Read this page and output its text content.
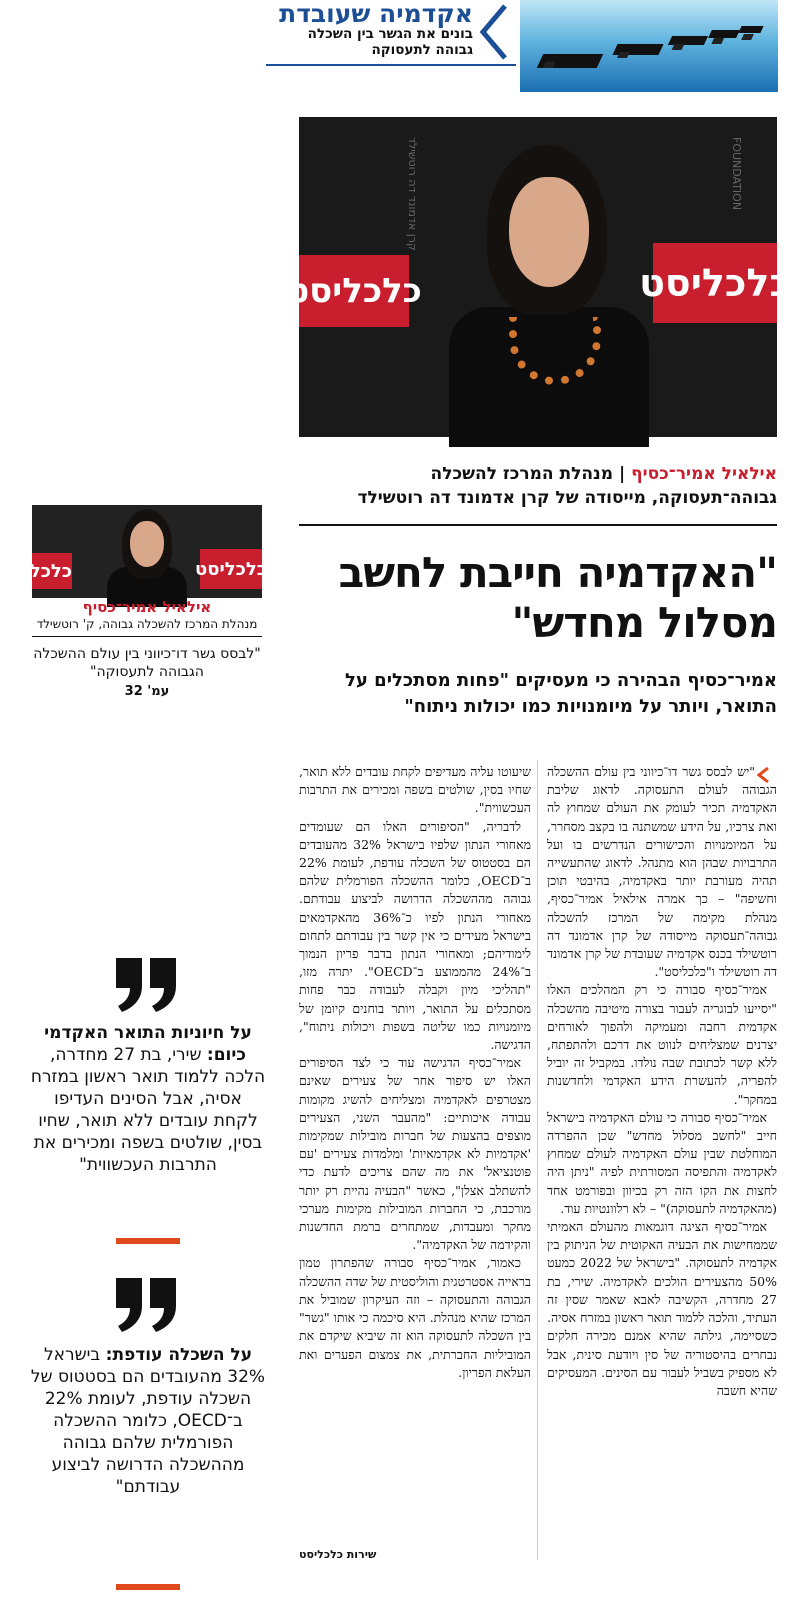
אקדמיה שעובדת
בונים את הגשר בין השכלה גבוהה לתעסוקה
כלכליסט	כלכליסט
קרן אדמונד דה רוטשילד	FOUNDATION
אילאיל אמיר־כסיף | מנהלת המרכז להשכלה גבוהה־תעסוקה, מייסודה של קרן אדמונד דה רוטשילד
"האקדמיה חייבת לחשב מסלול מחדש"
אמיר־כסיף הבהירה כי מעסיקים "פחות מסתכלים על התואר, ויותר על מיומנויות כמו יכולות ניתוח"
כלכליסט	כלכליסט
אילאיל אמיר־כסיף
מנהלת המרכז להשכלה גבוהה, ק' רוטשילד
"לבסס גשר דו־כיווני בין עולם ההשכלה הגבוהה לתעסוקה"
עמ' 32

"יש לבסס גשר דו־כיווני בין עולם ההשכלה הגבוהה לעולם התעסוקה. לדאוג שליבת האקדמיה תכיר לעומק את העולם שמחוץ לה ואת צרכיו, על הידע שמשתנה בו בקצב מסחרר, על המיומנויות והכישורים הנדרשים בו ועל התרבויות שבהן הוא מתנהל. לדאוג שהתעשייה תהיה מעורבת יותר באקדמיה, בהיבטי תוכן וחשיפה" – כך אמרה אילאיל אמיר־כסיף, מנהלת מקימה של המרכז להשכלה גבוהה־תעסוקה מייסודה של קרן אדמונד דה רוטשילד בכנס אקדמיה שעובדת של קרן אדמונד דה רוטשילד ו"כלכליסט".

אמיר־כסיף סבורה כי רק המהלכים האלו "יסייעו לבוגריה לעבור בצורה מיטיבה מהשכלה אקדמית רחבה ומעמיקה ולהפוך לאורחים יצרנים שמצליחים לנווט את דרכם ולהתפתח, ללא קשר לכתובת שבה נולדו. במקביל זה יוביל להפריה, להעשרת הידע האקדמי ולחדשנות במחקר".

אמיר־כסיף סבורה כי עולם האקדמיה בישראל חייב "לחשב מסלול מחדש" שכן ההפרדה המוחלטת שבין עולם האקדמיה לעולם שמחוץ לאקדמיה והתפיסה המסורתית לפיה "ניתן היה לחצות את הקו הזה רק בכיוון ובפורמט אחד (מהאקדמיה לתעסוקה)" – לא רלוונטיות עוד.

אמיר־כסיף הציגה דוגמאות מהעולם האמיתי שממחישות את הבעיה האקוטית של הניתוק בין אקדמיה לתעסוקה. "בישראל של 2022 כמעט 50% מהצעירים הולכים לאקדמיה. שירי, בת 27 מחדרה, הקשיבה לאבא שאמר שסין זה העתיד, והלכה ללמוד תואר ראשון במזרח אסיה. כשסיימה, גילתה שהיא אמנם מכירה חלקים נבחרים בהיסטוריה של סין ויודעת סינית, אבל לא מספיק בשביל לעבור עם הסינים. המעסיקים שהיא חשבה

שיעוטו עליה מעדיפים לקחת עובדים ללא תואר, שחיו בסין, שולטים בשפה ומכירים את התרבות העכשווית".

לדבריה, "הסיפורים האלו הם שעומדים מאחורי הנתון שלפיו בישראל 32% מהעובדים הם בסטטוס של השכלה עודפת, לעומת 22% ב־OECD, כלומר ההשכלה הפורמלית שלהם גבוהה מההשכלה הדרושה לביצוע עבודתם. מאחורי הנתון לפיו כ־36% מהאקדמאים בישראל מעידים כי אין קשר בין עבודתם לתחום לימודיהם; ומאחורי הנתון בדבר פריון הנמוך ב־24% מהממוצע ב־OECD". יתרה מזו, "תהליכי מיון וקבלה לעבודה כבר פחות מסתכלים על התואר, ויותר בוחנים קיומן של מיומנויות כמו שליטה בשפות ויכולות ניתוח", הדגישה.

אמיר־כסיף הדגישה עוד כי לצד הסיפורים האלו יש סיפור אחר של צעירים שאינם מצטרפים לאקדמיה ומצליחים להשיג מקומות עבודה איכותיים: "מהעבר השני, הצעירים מוצפים בהצעות של חברות מובילות שמקימות 'אקדמיות לא אקדמאיות' ומלמדות צעירים 'עם פוטנציאל' את מה שהם צריכים לדעת כדי להשתלב אצלן", כאשר "הבעיה נהיית רק יותר מורכבת, כי החברות המובילות מקימות מערכי מחקר ומעבדות, שמתחרים ברמת החדשנות והקידמה של האקדמיה".

כאמור, אמיר־כסיף סבורה שהפתרון טמון בראייה אסטרטגית והוליסטית של שדה ההשכלה הגבוהה והתעסוקה – וזה העיקרון שמוביל את המרכז שהיא מנהלת. היא סיכמה כי אותו "גשר" בין השכלה לתעסוקה הוא זה שיביא שיקדם את המוביליות החברתית, את צמצום הפערים ואת העלאת הפריון.

שירות כלכליסט
על חיוניות התואר האקדמי כיום: שירי, בת 27 מחדרה, הלכה ללמוד תואר ראשון במזרח אסיה, אבל הסינים העדיפו לקחת עובדים ללא תואר, שחיו בסין, שולטים בשפה ומכירים את התרבות העכשווית"
על השכלה עודפת: בישראל 32% מהעובדים הם בסטטוס של השכלה עודפת, לעומת 22% ב־OECD, כלומר ההשכלה הפורמלית שלהם גבוהה מההשכלה הדרושה לביצוע עבודתם"
